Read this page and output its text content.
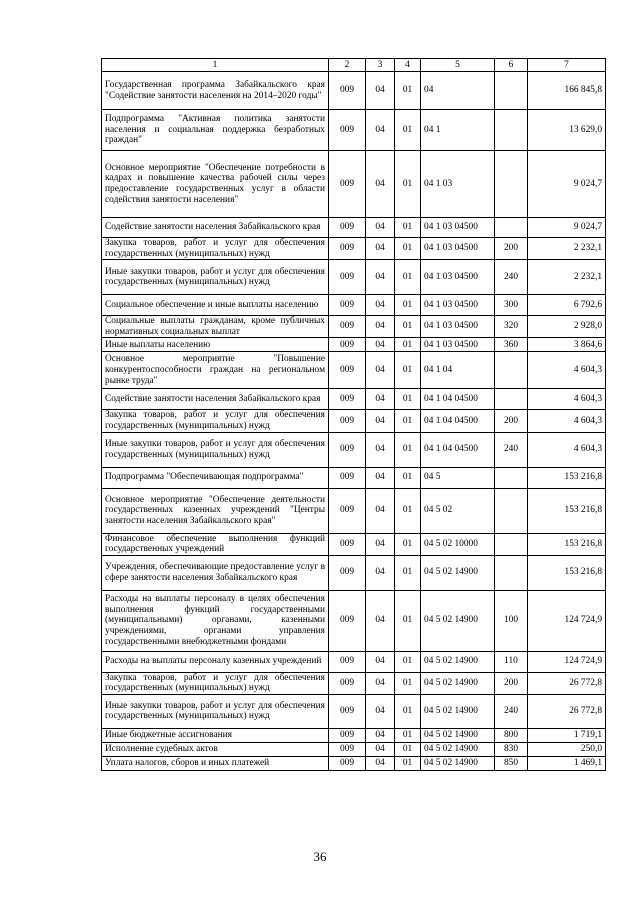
1	2	3	4	5	6	7
Государственная программа Забайкальского края "Содействие занятости населения на 2014–2020 годы"	009	04	01	04		166 845,8
Подпрограмма "Активная политика занятости населения и социальная поддержка безработных граждан"	009	04	01	04 1		13 629,0
Основное мероприятие "Обеспечение потребности в кадрах и повышение качества рабочей силы через предоставление государственных услуг в области содействия занятости населения"	009	04	01	04 1 03		9 024,7
Содействие занятости населения Забайкальского края	009	04	01	04 1 03 04500		9 024,7
Закупка товаров, работ и услуг для обеспечения государственных (муниципальных) нужд	009	04	01	04 1 03 04500	200	2 232,1
Иные закупки товаров, работ и услуг для обеспечения государственных (муниципальных) нужд	009	04	01	04 1 03 04500	240	2 232,1
Социальное обеспечение и иные выплаты населению	009	04	01	04 1 03 04500	300	6 792,6
Социальные выплаты гражданам, кроме публичных нормативных социальных выплат	009	04	01	04 1 03 04500	320	2 928,0
Иные выплаты населению	009	04	01	04 1 03 04500	360	3 864,6
Основное мероприятие "Повышение конкурентоспособности граждан на региональном рынке труда"	009	04	01	04 1 04		4 604,3
Содействие занятости населения Забайкальского края	009	04	01	04 1 04 04500		4 604,3
Закупка товаров, работ и услуг для обеспечения государственных (муниципальных) нужд	009	04	01	04 1 04 04500	200	4 604,3
Иные закупки товаров, работ и услуг для обеспечения государственных (муниципальных) нужд	009	04	01	04 1 04 04500	240	4 604,3
Подпрограмма "Обеспечивающая подпрограмма"	009	04	01	04 5		153 216,8
Основное мероприятие "Обеспечение деятельности государственных казенных учреждений "Центры занятости населения Забайкальского края"	009	04	01	04 5 02		153 216,8
Финансовое обеспечение выполнения функций государственных учреждений	009	04	01	04 5 02 10000		153 216,8
Учреждения, обеспечивающие предоставление услуг в сфере занятости населения Забайкальского края	009	04	01	04 5 02 14900		153 216,8
Расходы на выплаты персоналу в целях обеспечения выполнения функций государственными (муниципальными) органами, казенными учреждениями, органами управления государственными внебюджетными фондами	009	04	01	04 5 02 14900	100	124 724,9
Расходы на выплаты персоналу казенных учреждений	009	04	01	04 5 02 14900	110	124 724,9
Закупка товаров, работ и услуг для обеспечения государственных (муниципальных) нужд	009	04	01	04 5 02 14900	200	26 772,8
Иные закупки товаров, работ и услуг для обеспечения государственных (муниципальных) нужд	009	04	01	04 5 02 14900	240	26 772,8
Иные бюджетные ассигнования	009	04	01	04 5 02 14900	800	1 719,1
Исполнение судебных актов	009	04	01	04 5 02 14900	830	250,0
Уплата налогов, сборов и иных платежей	009	04	01	04 5 02 14900	850	1 469,1
36
